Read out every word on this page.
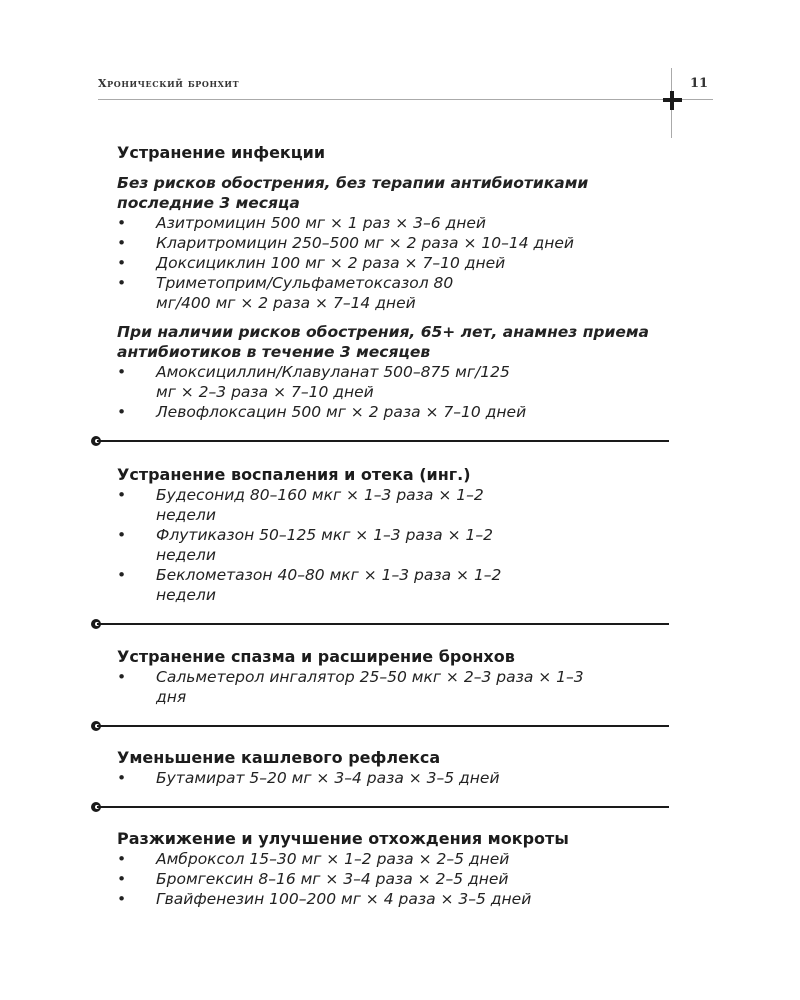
Хронический бронхит	11
Устранение инфекции
Без рисков обострения, без терапии антибиотиками последние 3 месяца
• Азитромицин 500 мг × 1 раз × 3–6 дней
• Кларитромицин 250–500 мг × 2 раза × 10–14 дней
• Доксициклин 100 мг × 2 раза × 7–10 дней
• Триметоприм/Сульфаметоксазол 80 мг/400 мг × 2 раза × 7–14 дней
При наличии рисков обострения, 65+ лет, анамнез приема антибиотиков в течение 3 месяцев
• Амоксициллин/Клавуланат 500–875 мг/125 мг × 2–3 раза × 7–10 дней
• Левофлоксацин 500 мг × 2 раза × 7–10 дней
Устранение воспаления и отека (инг.)
• Будесонид 80–160 мкг × 1–3 раза × 1–2 недели
• Флутиказон 50–125 мкг × 1–3 раза × 1–2 недели
• Беклометазон 40–80 мкг × 1–3 раза × 1–2 недели
Устранение спазма и расширение бронхов
• Сальметерол ингалятор 25–50 мкг × 2–3 раза × 1–3 дня
Уменьшение кашлевого рефлекса
• Бутамират 5–20 мг × 3–4 раза × 3–5 дней
Разжижение и улучшение отхождения мокроты
• Амброксол 15–30 мг × 1–2 раза × 2–5 дней
• Бромгексин 8–16 мг × 3–4 раза × 2–5 дней
• Гвайфенезин 100–200 мг × 4 раза × 3–5 дней
